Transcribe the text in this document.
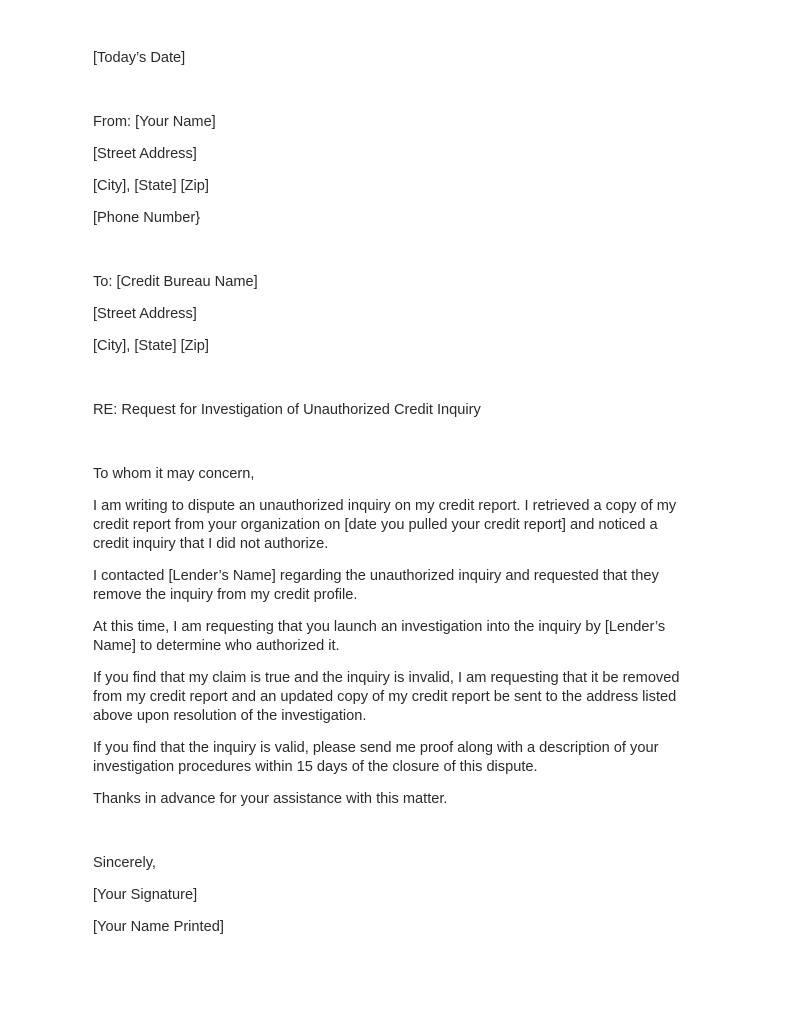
[Today’s Date]

From: [Your Name]

[Street Address]

[City], [State] [Zip]

[Phone Number}

To: [Credit Bureau Name]

[Street Address]

[City], [State] [Zip]

RE: Request for Investigation of Unauthorized Credit Inquiry

To whom it may concern,

I am writing to dispute an unauthorized inquiry on my credit report. I retrieved a copy of my credit report from your organization on [date you pulled your credit report] and noticed a credit inquiry that I did not authorize.

I contacted [Lender’s Name] regarding the unauthorized inquiry and requested that they remove the inquiry from my credit profile.

At this time, I am requesting that you launch an investigation into the inquiry by [Lender’s Name] to determine who authorized it.

If you find that my claim is true and the inquiry is invalid, I am requesting that it be removed from my credit report and an updated copy of my credit report be sent to the address listed above upon resolution of the investigation.

If you find that the inquiry is valid, please send me proof along with a description of your investigation procedures within 15 days of the closure of this dispute.

Thanks in advance for your assistance with this matter.

Sincerely,

[Your Signature]

[Your Name Printed]
